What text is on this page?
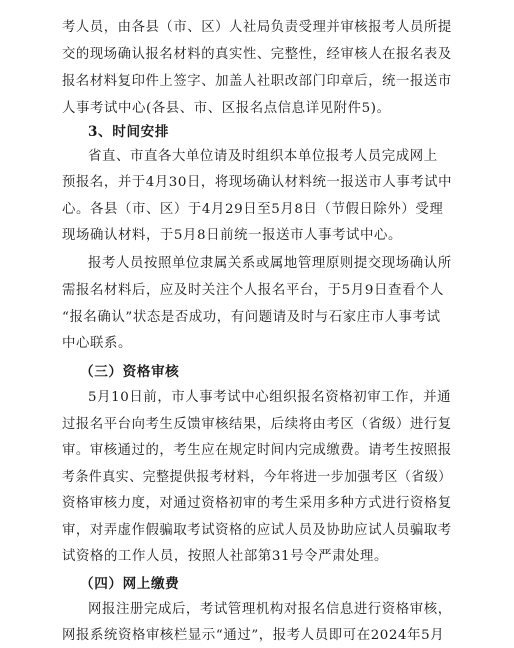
考人员，由各县（市、区）人社局负责受理并审核报考人员所提
交的现场确认报名材料的真实性、完整性，经审核人在报名表及
报名材料复印件上签字、加盖人社职改部门印章后，统一报送市
人事考试中心(各县、市、区报名点信息详见附件5)。
3、时间安排
省直、市直各大单位请及时组织本单位报考人员完成网上
预报名，并于4月30日，将现场确认材料统一报送市人事考试中
心。各县（市、区）于4月29日至5月8日（节假日除外）受理
现场确认材料，于5月8日前统一报送市人事考试中心。
报考人员按照单位隶属关系或属地管理原则提交现场确认所
需报名材料后，应及时关注个人报名平台，于5月9日查看个人
“报名确认”状态是否成功，有问题请及时与石家庄市人事考试
中心联系。
（三）资格审核
5月10日前，市人事考试中心组织报名资格初审工作，并通
过报名平台向考生反馈审核结果，后续将由考区（省级）进行复
审。审核通过的，考生应在规定时间内完成缴费。请考生按照报
考条件真实、完整提供报考材料，今年将进一步加强考区（省级）
资格审核力度，对通过资格初审的考生采用多种方式进行资格复
审，对弄虚作假骗取考试资格的应试人员及协助应试人员骗取考
试资格的工作人员，按照人社部第31号令严肃处理。
（四）网上缴费
网报注册完成后，考试管理机构对报名信息进行资格审核，
网报系统资格审核栏显示“通过”，报考人员即可在2024年5月
